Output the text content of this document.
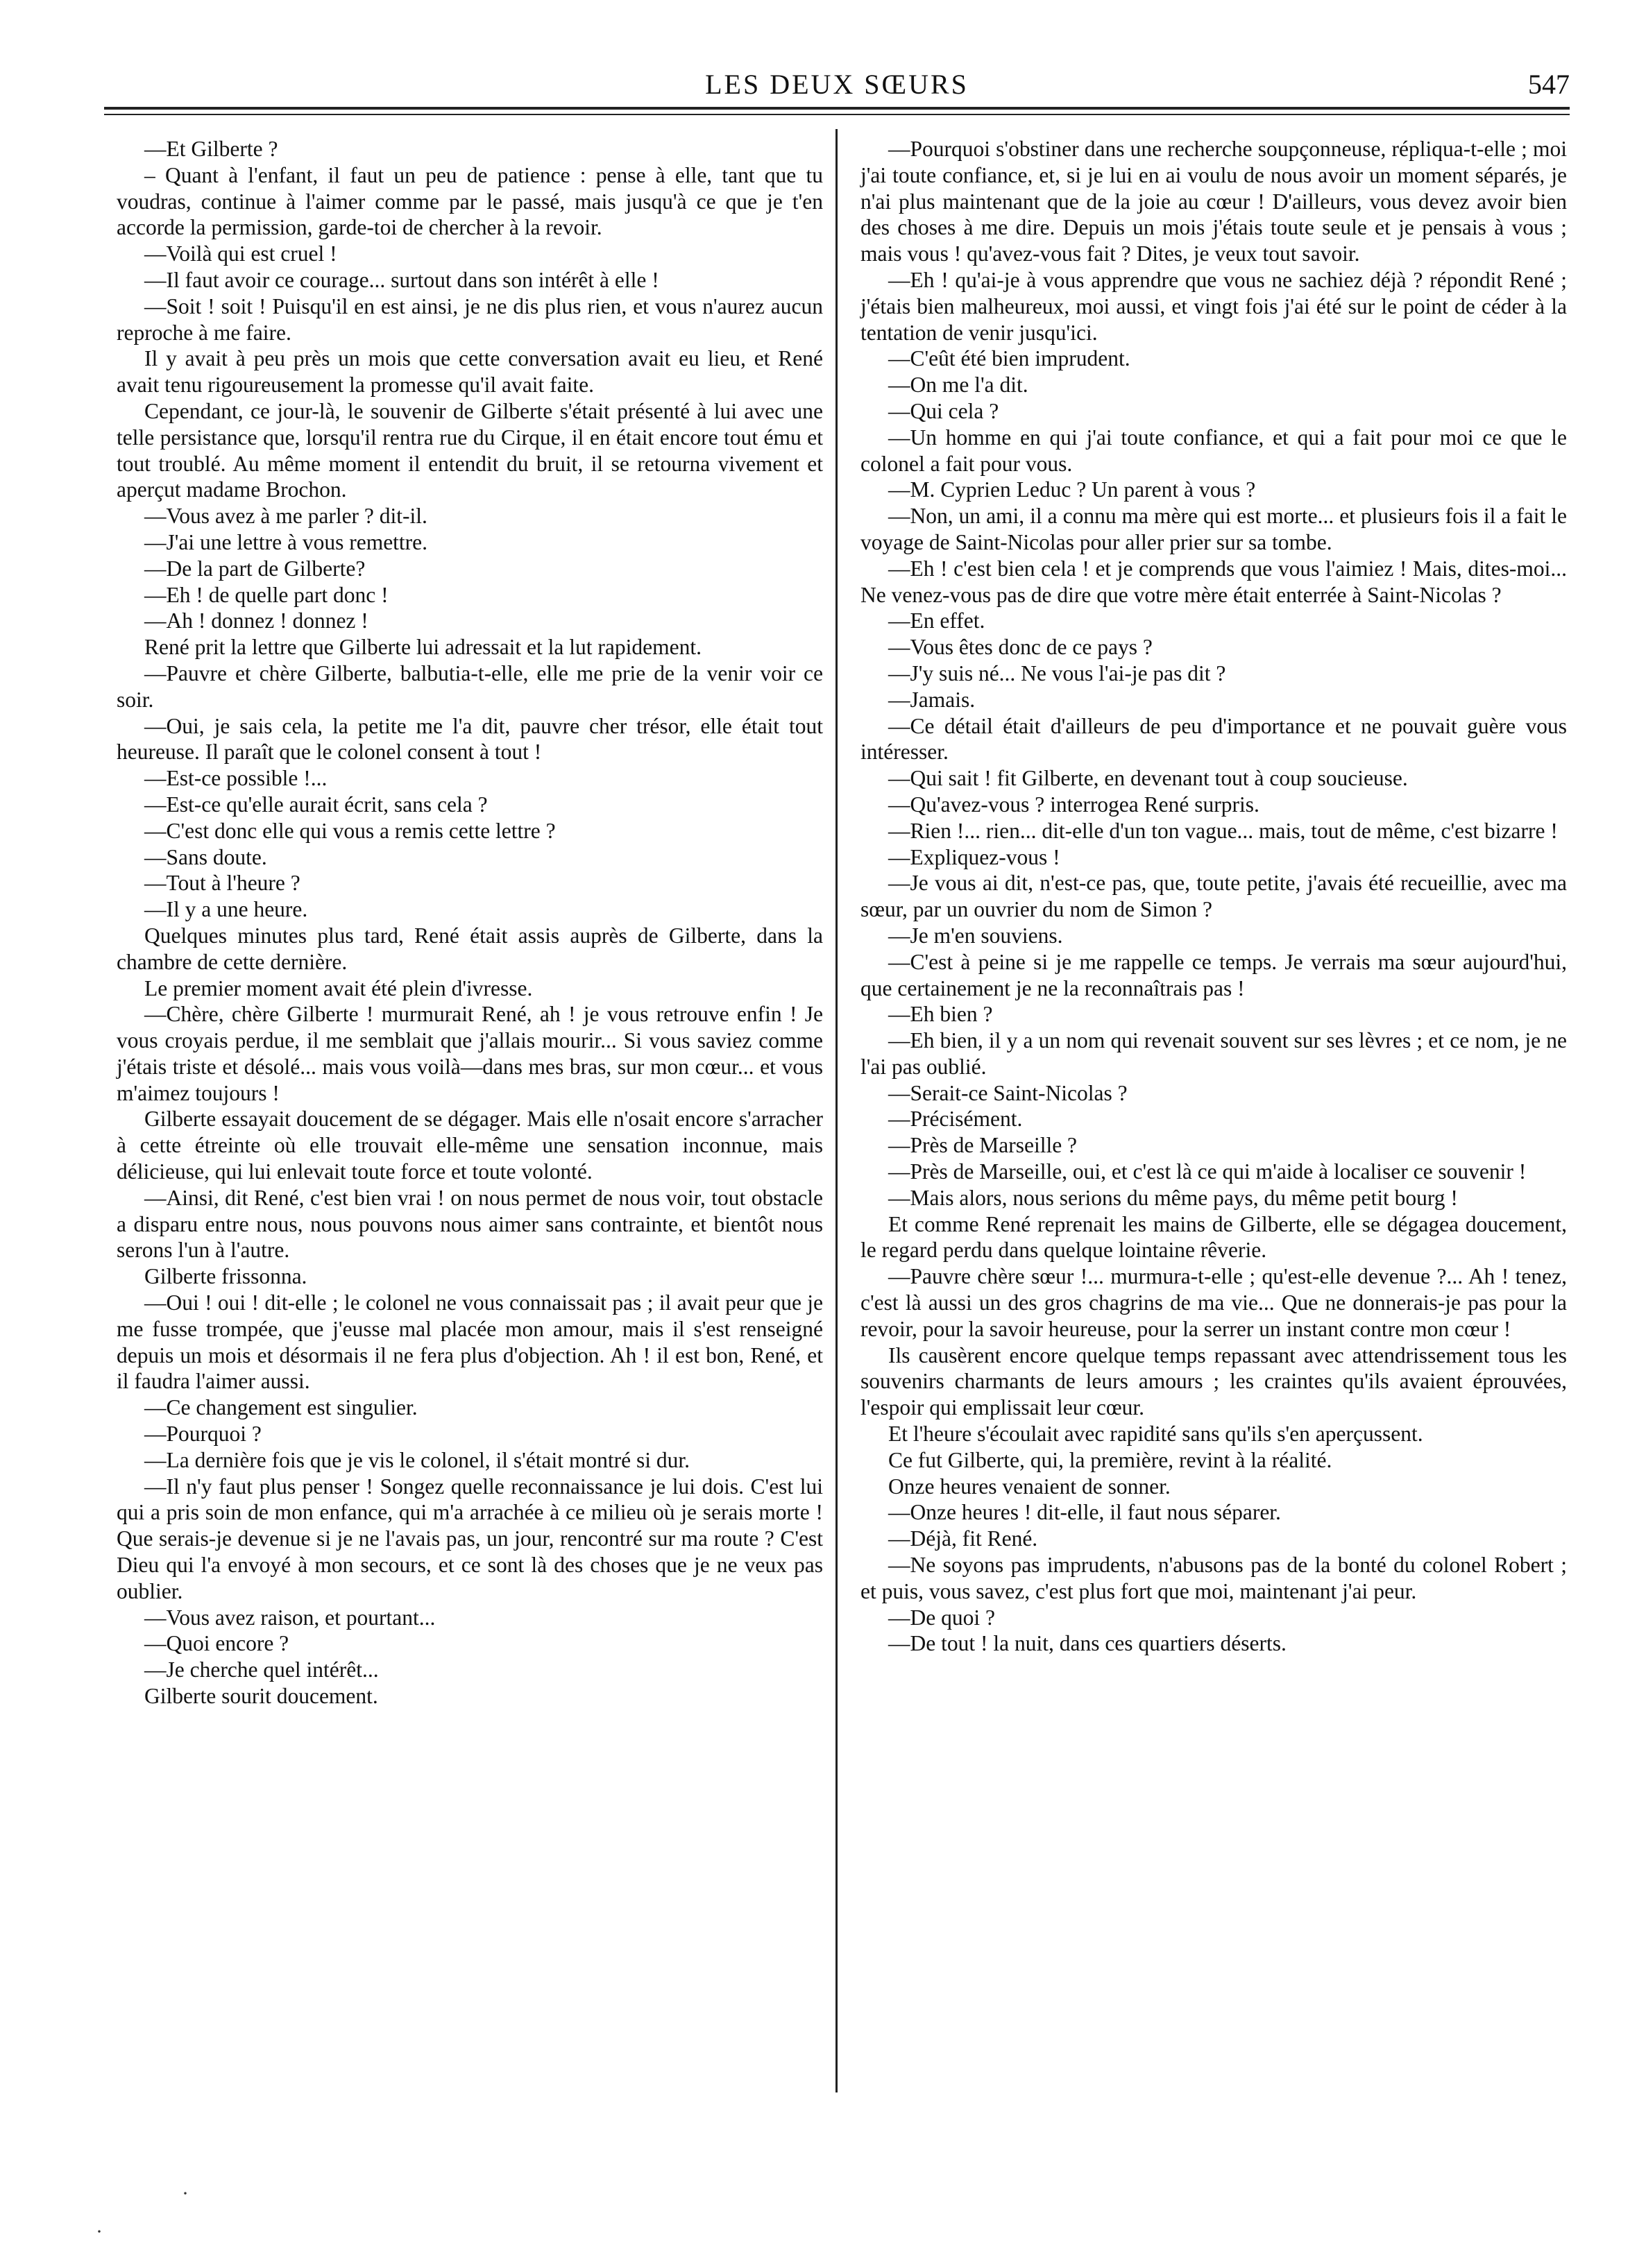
LES DEUX SŒURS	547

—Et Gilberte ?

– Quant à l'enfant, il faut un peu de patience : pense à elle, tant que tu voudras, continue à l'aimer comme par le passé, mais jusqu'à ce que je t'en accorde la permission, garde-toi de chercher à la revoir.

—Voilà qui est cruel !

—Il faut avoir ce courage... surtout dans son intérêt à elle !

—Soit ! soit ! Puisqu'il en est ainsi, je ne dis plus rien, et vous n'aurez aucun reproche à me faire.

Il y avait à peu près un mois que cette conversation avait eu lieu, et René avait tenu rigoureusement la promesse qu'il avait faite.

Cependant, ce jour-là, le souvenir de Gilberte s'était présenté à lui avec une telle persistance que, lorsqu'il rentra rue du Cirque, il en était encore tout ému et tout troublé. Au même moment il entendit du bruit, il se retourna vivement et aperçut madame Brochon.

—Vous avez à me parler ? dit-il.

—J'ai une lettre à vous remettre.

—De la part de Gilberte?

—Eh ! de quelle part donc !

—Ah ! donnez ! donnez !

René prit la lettre que Gilberte lui adressait et la lut rapidement.

—Pauvre et chère Gilberte, balbutia-t-elle, elle me prie de la venir voir ce soir.

—Oui, je sais cela, la petite me l'a dit, pauvre cher trésor, elle était tout heureuse. Il paraît que le colonel consent à tout !

—Est-ce possible !...

—Est-ce qu'elle aurait écrit, sans cela ?

—C'est donc elle qui vous a remis cette lettre ?

—Sans doute.

—Tout à l'heure ?

—Il y a une heure.

Quelques minutes plus tard, René était assis auprès de Gilberte, dans la chambre de cette dernière.

Le premier moment avait été plein d'ivresse.

—Chère, chère Gilberte ! murmurait René, ah ! je vous retrouve enfin ! Je vous croyais perdue, il me semblait que j'allais mourir... Si vous saviez comme j'étais triste et désolé... mais vous voilà—dans mes bras, sur mon cœur... et vous m'aimez toujours !

Gilberte essayait doucement de se dégager. Mais elle n'osait encore s'arracher à cette étreinte où elle trouvait elle-même une sensation inconnue, mais délicieuse, qui lui enlevait toute force et toute volonté.

—Ainsi, dit René, c'est bien vrai ! on nous permet de nous voir, tout obstacle a disparu entre nous, nous pouvons nous aimer sans contrainte, et bientôt nous serons l'un à l'autre.

Gilberte frissonna.

—Oui ! oui ! dit-elle ; le colonel ne vous connaissait pas ; il avait peur que je me fusse trompée, que j'eusse mal placée mon amour, mais il s'est renseigné depuis un mois et désormais il ne fera plus d'objection. Ah ! il est bon, René, et il faudra l'aimer aussi.

—Ce changement est singulier.

—Pourquoi ?

—La dernière fois que je vis le colonel, il s'était montré si dur.

—Il n'y faut plus penser ! Songez quelle reconnaissance je lui dois. C'est lui qui a pris soin de mon enfance, qui m'a arrachée à ce milieu où je serais morte ! Que serais-je devenue si je ne l'avais pas, un jour, rencontré sur ma route ? C'est Dieu qui l'a envoyé à mon secours, et ce sont là des choses que je ne veux pas oublier.

—Vous avez raison, et pourtant...

—Quoi encore ?

—Je cherche quel intérêt...

Gilberte sourit doucement.

—Pourquoi s'obstiner dans une recherche soupçonneuse, répliqua-t-elle ; moi j'ai toute confiance, et, si je lui en ai voulu de nous avoir un moment séparés, je n'ai plus maintenant que de la joie au cœur ! D'ailleurs, vous devez avoir bien des choses à me dire. Depuis un mois j'étais toute seule et je pensais à vous ; mais vous ! qu'avez-vous fait ? Dites, je veux tout savoir.

—Eh ! qu'ai-je à vous apprendre que vous ne sachiez déjà ? répondit René ; j'étais bien malheureux, moi aussi, et vingt fois j'ai été sur le point de céder à la tentation de venir jusqu'ici.

—C'eût été bien imprudent.

—On me l'a dit.

—Qui cela ?

—Un homme en qui j'ai toute confiance, et qui a fait pour moi ce que le colonel a fait pour vous.

—M. Cyprien Leduc ? Un parent à vous ?

—Non, un ami, il a connu ma mère qui est morte... et plusieurs fois il a fait le voyage de Saint-Nicolas pour aller prier sur sa tombe.

—Eh ! c'est bien cela ! et je comprends que vous l'aimiez ! Mais, dites-moi... Ne venez-vous pas de dire que votre mère était enterrée à Saint-Nicolas ?

—En effet.

—Vous êtes donc de ce pays ?

—J'y suis né... Ne vous l'ai-je pas dit ?

—Jamais.

—Ce détail était d'ailleurs de peu d'importance et ne pouvait guère vous intéresser.

—Qui sait ! fit Gilberte, en devenant tout à coup soucieuse.

—Qu'avez-vous ? interrogea René surpris.

—Rien !... rien... dit-elle d'un ton vague... mais, tout de même, c'est bizarre !

—Expliquez-vous !

—Je vous ai dit, n'est-ce pas, que, toute petite, j'avais été recueillie, avec ma sœur, par un ouvrier du nom de Simon ?

—Je m'en souviens.

—C'est à peine si je me rappelle ce temps. Je verrais ma sœur aujourd'hui, que certainement je ne la reconnaîtrais pas !

—Eh bien ?

—Eh bien, il y a un nom qui revenait souvent sur ses lèvres ; et ce nom, je ne l'ai pas oublié.

—Serait-ce Saint-Nicolas ?

—Précisément.

—Près de Marseille ?

—Près de Marseille, oui, et c'est là ce qui m'aide à localiser ce souvenir !

—Mais alors, nous serions du même pays, du même petit bourg !

Et comme René reprenait les mains de Gilberte, elle se dégagea doucement, le regard perdu dans quelque lointaine rêverie.

—Pauvre chère sœur !... murmura-t-elle ; qu'est-elle devenue ?... Ah ! tenez, c'est là aussi un des gros chagrins de ma vie... Que ne donnerais-je pas pour la revoir, pour la savoir heureuse, pour la serrer un instant contre mon cœur !

Ils causèrent encore quelque temps repassant avec attendrissement tous les souvenirs charmants de leurs amours ; les craintes qu'ils avaient éprouvées, l'espoir qui emplissait leur cœur.

Et l'heure s'écoulait avec rapidité sans qu'ils s'en aperçussent.

Ce fut Gilberte, qui, la première, revint à la réalité.

Onze heures venaient de sonner.

—Onze heures ! dit-elle, il faut nous séparer.

—Déjà, fit René.

—Ne soyons pas imprudents, n'abusons pas de la bonté du colonel Robert ; et puis, vous savez, c'est plus fort que moi, maintenant j'ai peur.

—De quoi ?

—De tout ! la nuit, dans ces quartiers déserts.

·
·
